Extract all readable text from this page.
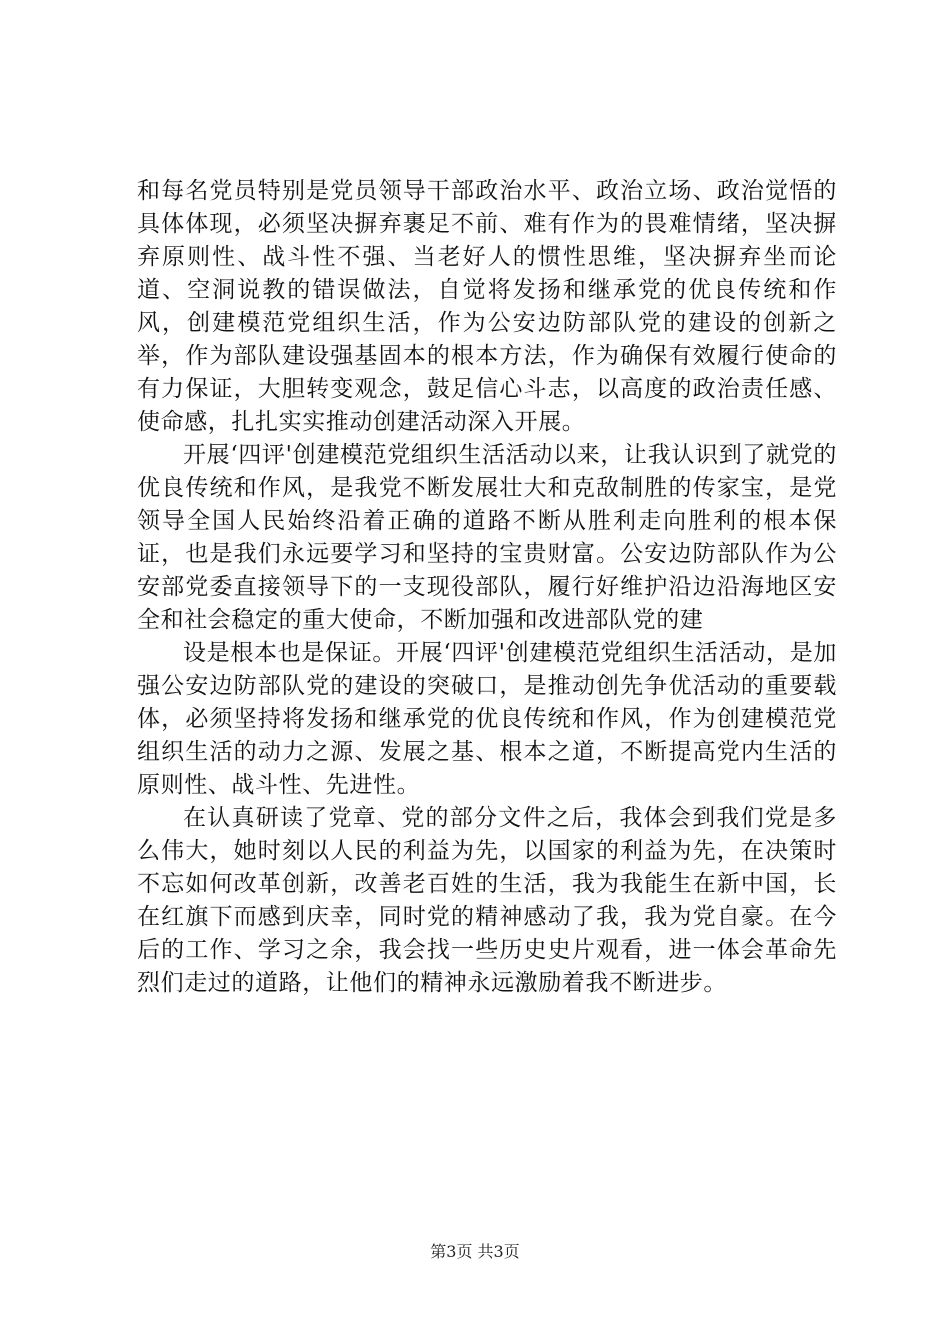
和每名党员特别是党员领导干部政治水平、政治立场、政治觉悟的具体体现，必须坚决摒弃裹足不前、难有作为的畏难情绪，坚决摒弃原则性、战斗性不强、当老好人的惯性思维，坚决摒弃坐而论道、空洞说教的错误做法，自觉将发扬和继承党的优良传统和作风，创建模范党组织生活，作为公安边防部队党的建设的创新之举，作为部队建设强基固本的根本方法，作为确保有效履行使命的有力保证，大胆转变观念，鼓足信心斗志，以高度的政治责任感、使命感，扎扎实实推动创建活动深入开展。

开展‘四评'创建模范党组织生活活动以来，让我认识到了就党的优良传统和作风，是我党不断发展壮大和克敌制胜的传家宝，是党领导全国人民始终沿着正确的道路不断从胜利走向胜利的根本保证，也是我们永远要学习和坚持的宝贵财富。公安边防部队作为公安部党委直接领导下的一支现役部队，履行好维护沿边沿海地区安全和社会稳定的重大使命，不断加强和改进部队党的建

设是根本也是保证。开展‘四评'创建模范党组织生活活动，是加强公安边防部队党的建设的突破口，是推动创先争优活动的重要载体，必须坚持将发扬和继承党的优良传统和作风，作为创建模范党组织生活的动力之源、发展之基、根本之道，不断提高党内生活的原则性、战斗性、先进性。

在认真研读了党章、党的部分文件之后，我体会到我们党是多么伟大，她时刻以人民的利益为先，以国家的利益为先，在决策时不忘如何改革创新，改善老百姓的生活，我为我能生在新中国，长在红旗下而感到庆幸，同时党的精神感动了我，我为党自豪。在今后的工作、学习之余，我会找一些历史史片观看，进一体会革命先烈们走过的道路，让他们的精神永远激励着我不断进步。

第3页 共3页
